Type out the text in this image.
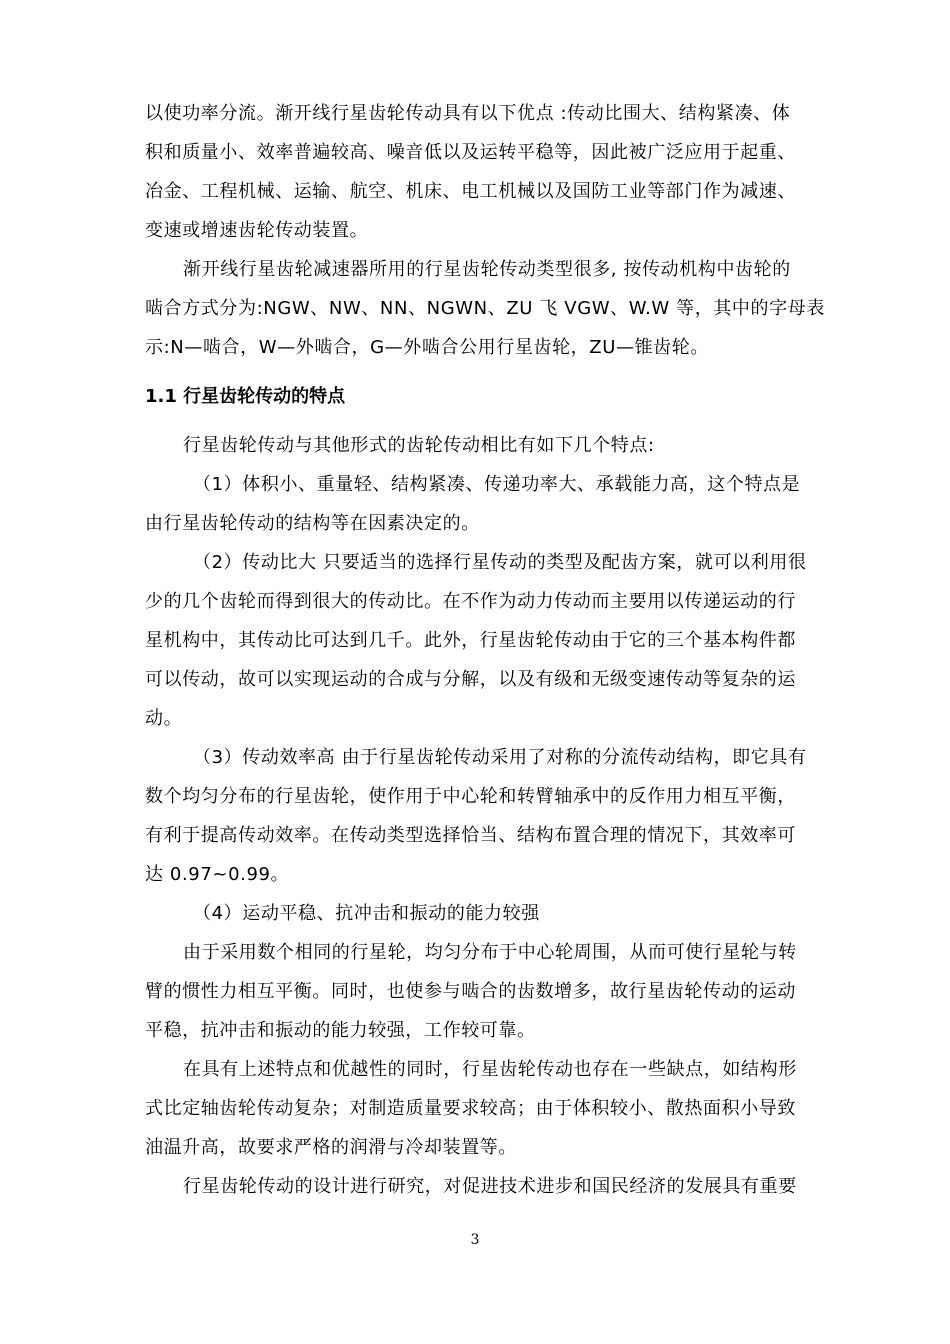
以使功率分流。渐开线行星齿轮传动具有以下优点 :传动比围大、结构紧凑、体
积和质量小、效率普遍较高、噪音低以及运转平稳等，因此被广泛应用于起重、
冶金、工程机械、运输、航空、机床、电工机械以及国防工业等部门作为减速、
变速或增速齿轮传动装置。
渐开线行星齿轮减速器所用的行星齿轮传动类型很多, 按传动机构中齿轮的
啮合方式分为:NGW、NW、NN、NGWN、ZU 飞 VGW、W.W 等，其中的字母表
示:N—啮合，W—外啮合，G—外啮合公用行星齿轮，ZU—锥齿轮。
1.1 行星齿轮传动的特点
行星齿轮传动与其他形式的齿轮传动相比有如下几个特点:
（1）体积小、重量轻、结构紧凑、传递功率大、承载能力高，这个特点是
由行星齿轮传动的结构等在因素决定的。
（2）传动比大 只要适当的选择行星传动的类型及配齿方案，就可以利用很
少的几个齿轮而得到很大的传动比。在不作为动力传动而主要用以传递运动的行
星机构中，其传动比可达到几千。此外，行星齿轮传动由于它的三个基本构件都
可以传动，故可以实现运动的合成与分解，以及有级和无级变速传动等复杂的运
动。
（3）传动效率高 由于行星齿轮传动采用了对称的分流传动结构，即它具有
数个均匀分布的行星齿轮，使作用于中心轮和转臂轴承中的反作用力相互平衡，
有利于提高传动效率。在传动类型选择恰当、结构布置合理的情况下，其效率可
达 0.97~0.99。
（4）运动平稳、抗冲击和振动的能力较强
由于采用数个相同的行星轮，均匀分布于中心轮周围，从而可使行星轮与转
臂的惯性力相互平衡。同时，也使参与啮合的齿数增多，故行星齿轮传动的运动
平稳，抗冲击和振动的能力较强，工作较可靠。
在具有上述特点和优越性的同时，行星齿轮传动也存在一些缺点，如结构形
式比定轴齿轮传动复杂；对制造质量要求较高；由于体积较小、散热面积小导致
油温升高，故要求严格的润滑与冷却装置等。
行星齿轮传动的设计进行研究，对促进技术进步和国民经济的发展具有重要
3
